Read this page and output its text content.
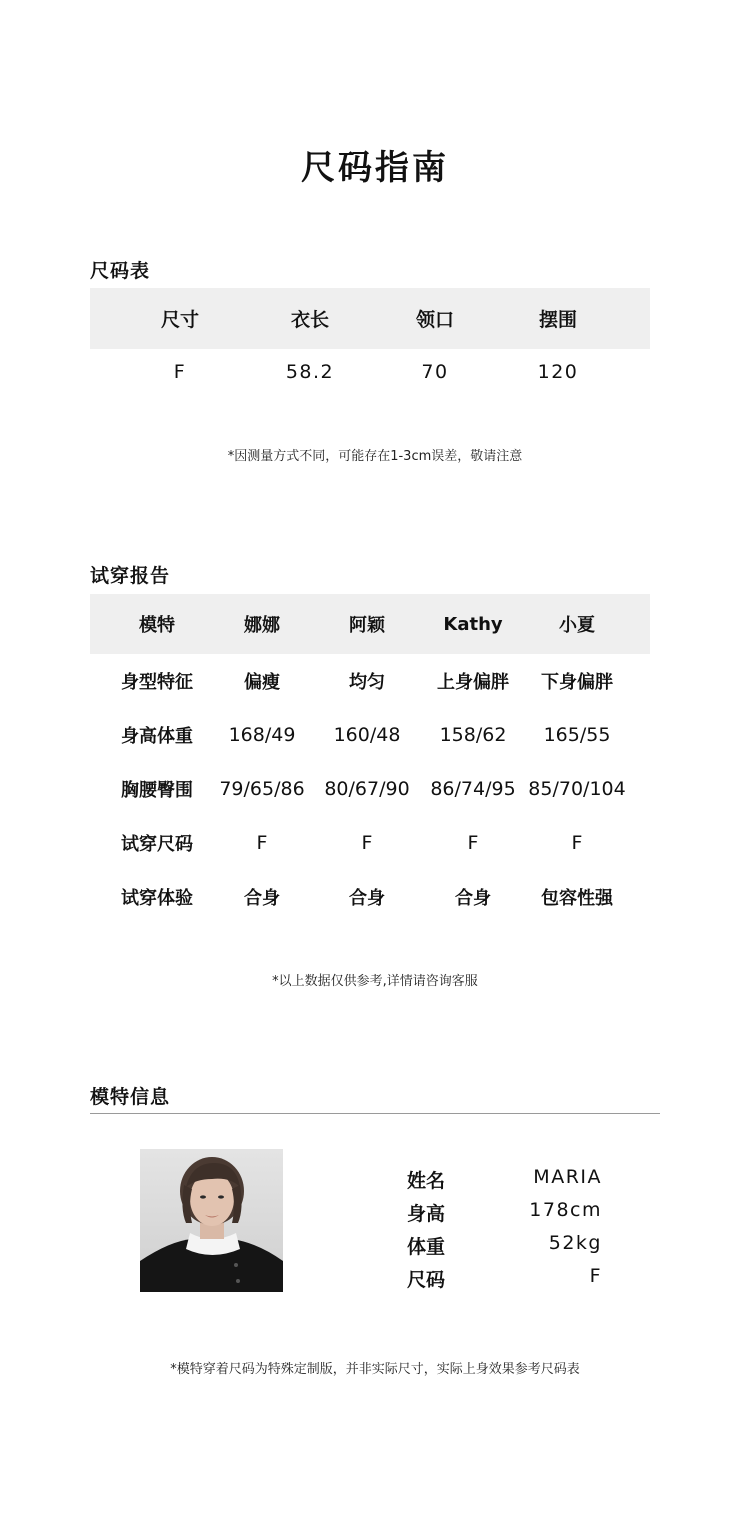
尺码指南
尺码表
尺寸	衣长	领口	摆围
F	58.2	70	120
*因测量方式不同，可能存在1-3cm误差，敬请注意
试穿报告
模特	娜娜	阿颖	Kathy	小夏
身型特征	偏瘦	均匀	上身偏胖	下身偏胖
身高体重	168/49	160/48	158/62	165/55
胸腰臀围	79/65/86	80/67/90	86/74/95 85/70/104
试穿尺码	F	F	F	F
试穿体验	合身	合身	合身	包容性强
*以上数据仅供参考,详情请咨询客服
模特信息
姓名	MARIA
身高	178cm
体重	52kg
尺码	F
*模特穿着尺码为特殊定制版，并非实际尺寸，实际上身效果参考尺码表
